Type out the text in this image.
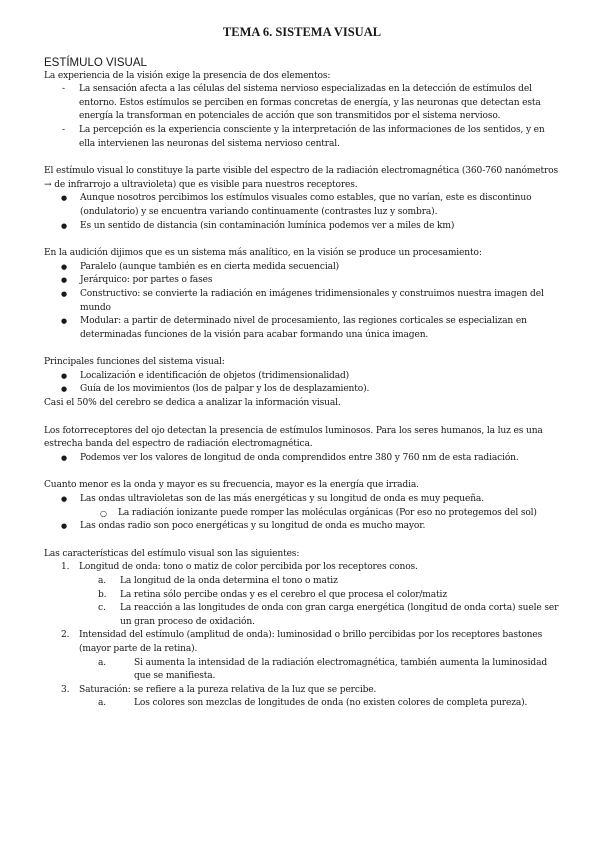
TEMA 6. SISTEMA VISUAL
ESTÍMULO VISUAL

La experiencia de la visión exige la presencia de dos elementos:

- La sensación afecta a las células del sistema nervioso especializadas en la detección de estímulos del entorno. Estos estímulos se perciben en formas concretas de energía, y las neuronas que detectan esta energía la transforman en potenciales de acción que son transmitidos por el sistema nervioso.
- La percepción es la experiencia consciente y la interpretación de las informaciones de los sentidos, y en ella intervienen las neuronas del sistema nervioso central.

El estímulo visual lo constituye la parte visible del espectro de la radiación electromagnética (360-760 nanómetros → de infrarrojo a ultravioleta) que es visible para nuestros receptores.

● Aunque nosotros percibimos los estímulos visuales como estables, que no varían, este es discontinuo (ondulatorio) y se encuentra variando continuamente (contrastes luz y sombra).
● Es un sentido de distancia (sin contaminación lumínica podemos ver a miles de km)

En la audición dijimos que es un sistema más analítico, en la visión se produce un procesamiento:

● Paralelo (aunque también es en cierta medida secuencial)
● Jerárquico: por partes o fases
● Constructivo: se convierte la radiación en imágenes tridimensionales y construimos nuestra imagen del mundo
● Modular: a partir de determinado nivel de procesamiento, las regiones corticales se especializan en determinadas funciones de la visión para acabar formando una única imagen.

Principales funciones del sistema visual:

● Localización e identificación de objetos (tridimensionalidad)
● Guía de los movimientos (los de palpar y los de desplazamiento).

Casi el 50% del cerebro se dedica a analizar la información visual.

Los fotorreceptores del ojo detectan la presencia de estímulos luminosos. Para los seres humanos, la luz es una estrecha banda del espectro de radiación electromagnética.

● Podemos ver los valores de longitud de onda comprendidos entre 380 y 760 nm de esta radiación.

Cuanto menor es la onda y mayor es su frecuencia, mayor es la energía que irradia.

● Las ondas ultravioletas son de las más energéticas y su longitud de onda es muy pequeña.
○ La radiación ionizante puede romper las moléculas orgánicas (Por eso no protegemos del sol)
● Las ondas radio son poco energéticas y su longitud de onda es mucho mayor.

Las características del estímulo visual son las siguientes:

1. Longitud de onda: tono o matiz de color percibida por los receptores conos.
a. La longitud de la onda determina el tono o matiz
b. La retina sólo percibe ondas y es el cerebro el que procesa el color/matiz
c. La reacción a las longitudes de onda con gran carga energética (longitud de onda corta) suele ser un gran proceso de oxidación.
2. Intensidad del estímulo (amplitud de onda): luminosidad o brillo percibidas por los receptores bastones (mayor parte de la retina).
a.	Si aumenta la intensidad de la radiación electromagnética, también aumenta la luminosidad que se manifiesta.
3. Saturación: se refiere a la pureza relativa de la luz que se percibe.
a.	Los colores son mezclas de longitudes de onda (no existen colores de completa pureza).
